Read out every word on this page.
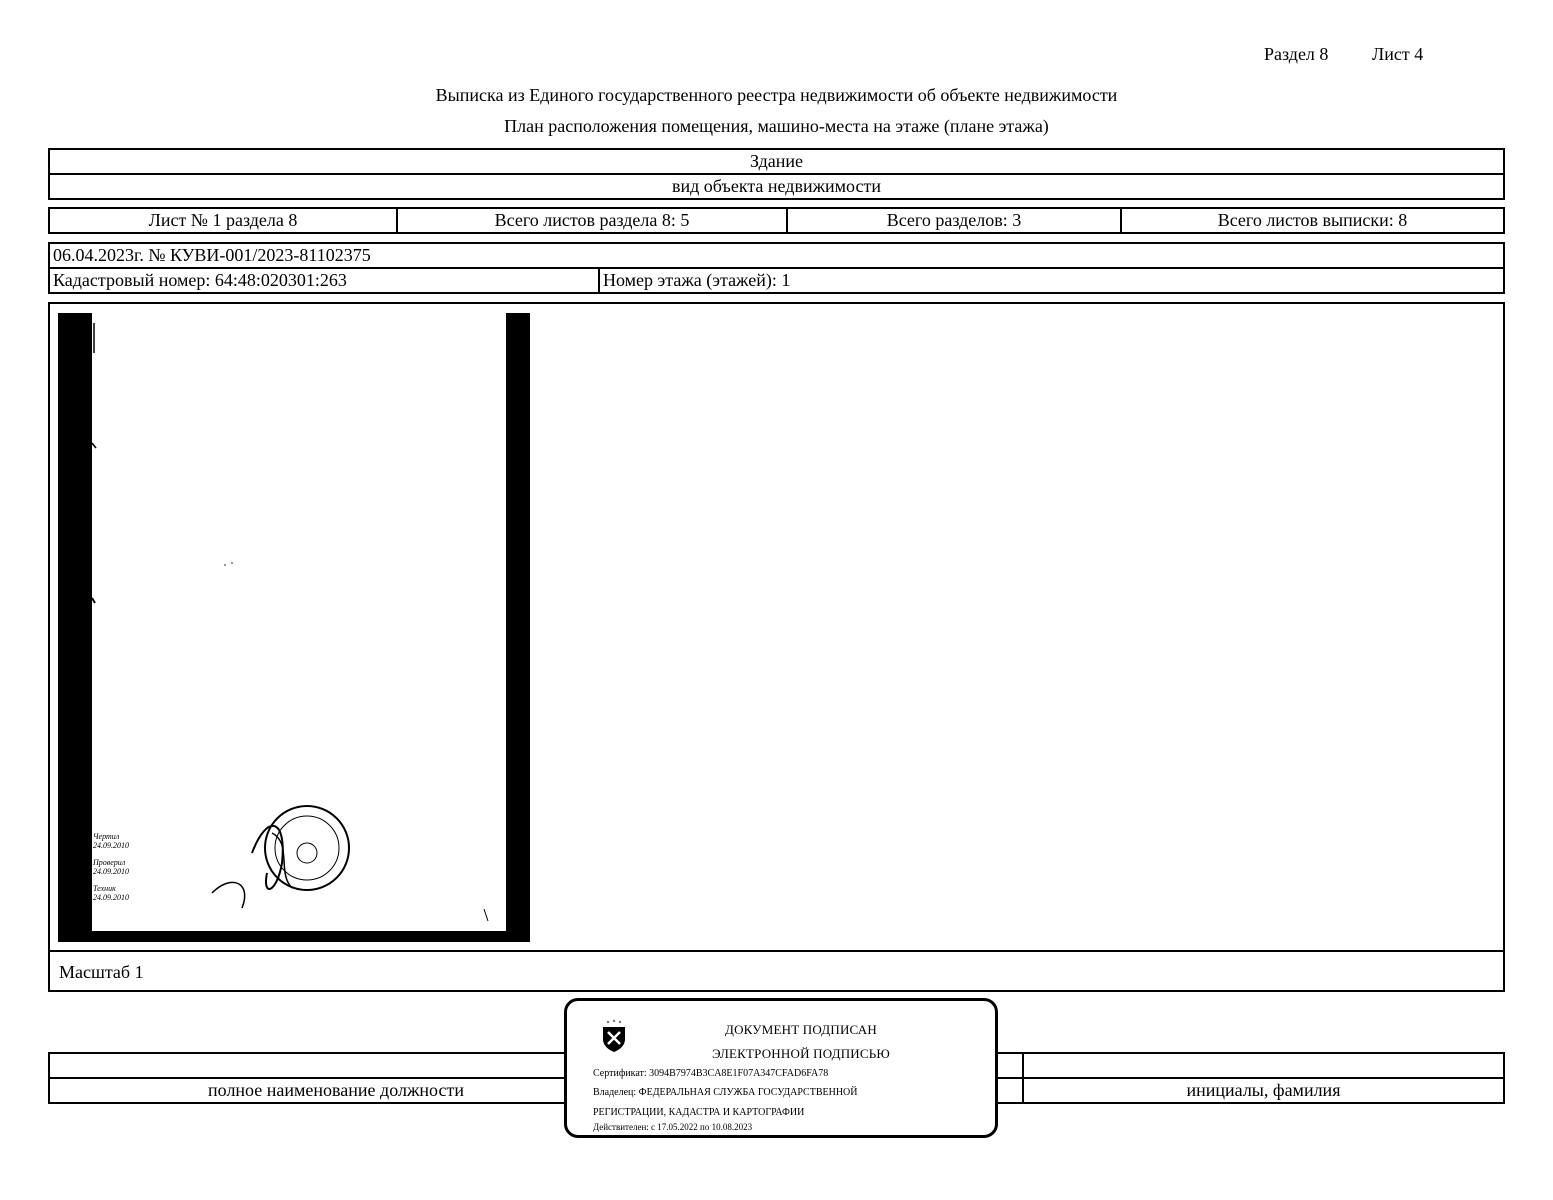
Раздел 8 Лист 4
Выписка из Единого государственного реестра недвижимости об объекте недвижимости
План расположения помещения, машино-места на этаже (плане этажа)
Здание
вид объекта недвижимости
Лист № 1 раздела 8	Всего листов раздела 8: 5	Всего разделов: 3	Всего листов выписки: 8
06.04.2023г. № КУВИ-001/2023-81102375
Кадастровый номер: 64:48:020301:263	Номер этажа (этажей): 1
Чертил
24.09.2010
Проверил
24.09.2010
Техник
24.09.2010
Масштаб 1
полное наименование должности	инициалы, фамилия
ДОКУМЕНТ ПОДПИСАН
ЭЛЕКТРОННОЙ ПОДПИСЬЮ
Сертификат: 3094B7974B3CA8E1F07A347CFAD6FA78
Владелец: ФЕДЕРАЛЬНАЯ СЛУЖБА ГОСУДАРСТВЕННОЙ
РЕГИСТРАЦИИ, КАДАСТРА И КАРТОГРАФИИ
Действителен: с 17.05.2022 по 10.08.2023
